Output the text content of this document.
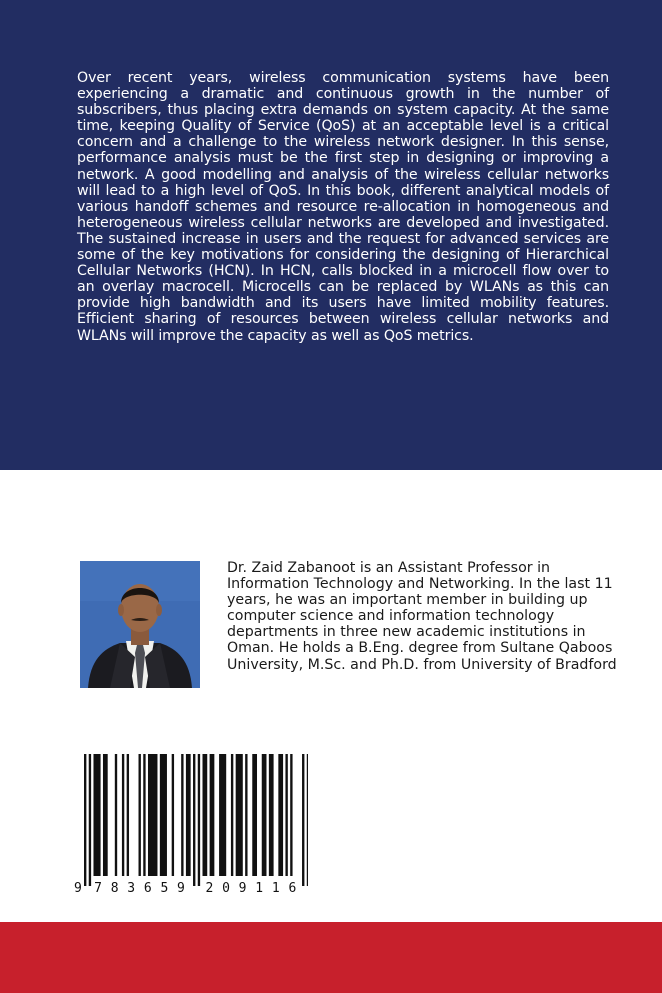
Over recent years, wireless communication systems have been experiencing a dramatic and continuous growth in the number of subscribers, thus placing extra demands on system capacity. At the same time, keeping Quality of Service (QoS) at an acceptable level is a critical concern and a challenge to the wireless network designer. In this sense, performance analysis must be the first step in designing or improving a network. A good modelling and analysis of the wireless cellular networks will lead to a high level of QoS. In this book, different analytical models of various handoff schemes and resource re-allocation in homogeneous and heterogeneous wireless cellular networks are developed and investigated. The sustained increase in users and the request for advanced services are some of the key motivations for considering the designing of Hierarchical Cellular Networks (HCN). In HCN, calls blocked in a microcell flow over to an overlay macrocell. Microcells can be replaced by WLANs as this can provide high bandwidth and its users have limited mobility features. Efficient sharing of resources between wireless cellular networks and WLANs will improve the capacity as well as QoS metrics.

Dr. Zaid Zabanoot is an Assistant Professor in Information Technology and Networking. In the last 11 years, he was an important member in building up computer science and information technology departments in three new academic institutions in Oman. He holds a B.Eng. degree from Sultane Qaboos University, M.Sc. and Ph.D. from University of Bradford

9 7 8 3 6 5 9 2 0 9 1 1 6
